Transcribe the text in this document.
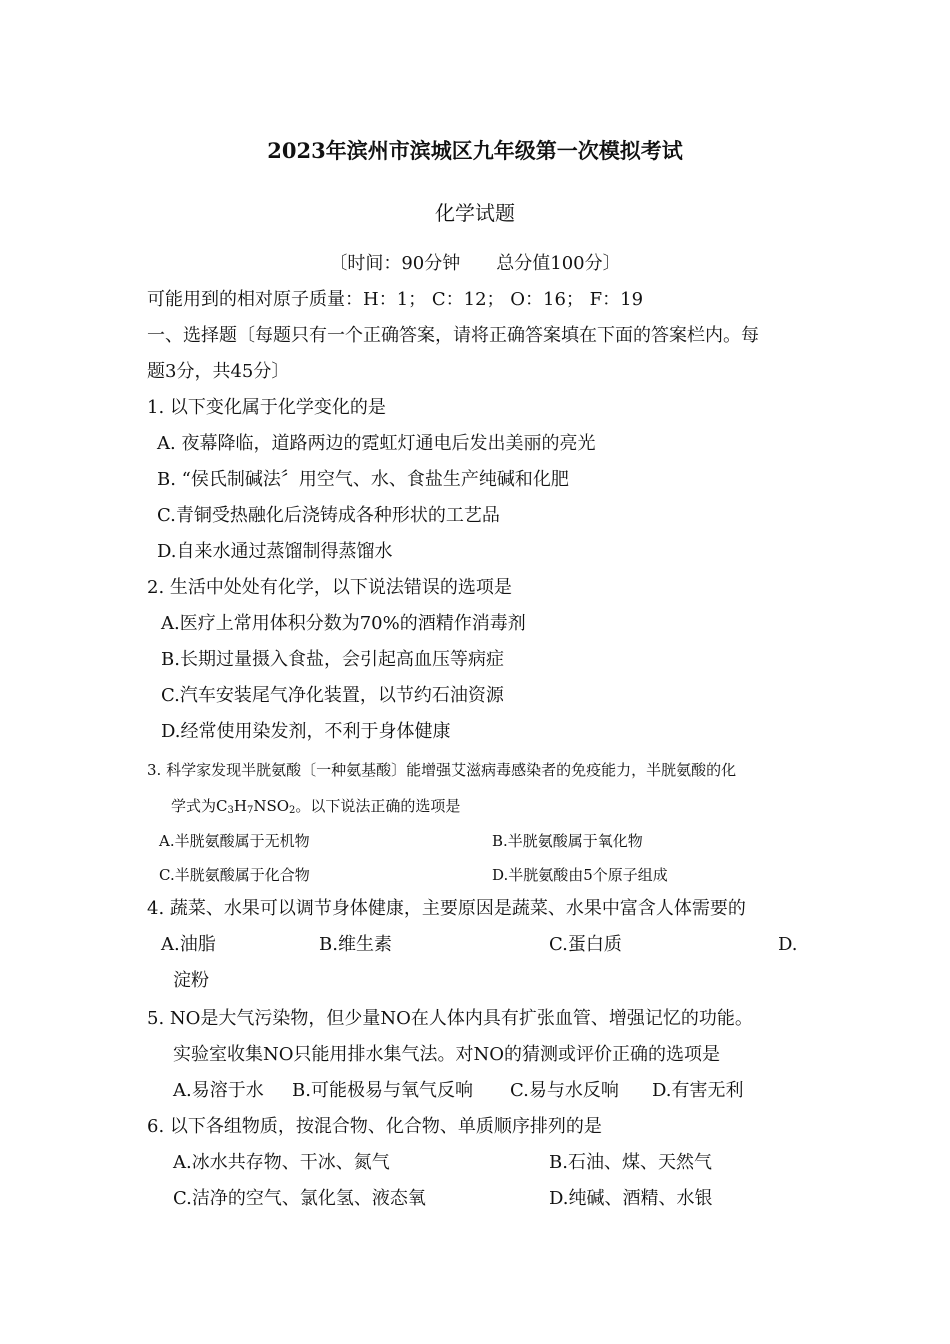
2023年滨州市滨城区九年级第一次模拟考试
化学试题
〔时间：90分钟　　总分值100分〕
可能用到的相对原子质量：H：1； C：12； O：16； F：19
一、选择题〔每题只有一个正确答案，请将正确答案填在下面的答案栏内。每
题3分，共45分〕
1. 以下变化属于化学变化的是
A. 夜幕降临，道路两边的霓虹灯通电后发出美丽的亮光
B. “侯氏制碱法〞用空气、水、食盐生产纯碱和化肥
C.青铜受热融化后浇铸成各种形状的工艺品
D.自来水通过蒸馏制得蒸馏水
2. 生活中处处有化学，以下说法错误的选项是
A.医疗上常用体积分数为70%的酒精作消毒剂
B.长期过量摄入食盐，会引起高血压等病症
C.汽车安装尾气净化装置，以节约石油资源
D.经常使用染发剂，不利于身体健康
3. 科学家发现半胱氨酸〔一种氨基酸〕能增强艾滋病毒感染者的免疫能力，半胱氨酸的化
学式为$C_3H_7NSO_2$。以下说法正确的选项是
A.半胱氨酸属于无机物	B.半胱氨酸属于氧化物
C.半胱氨酸属于化合物	D.半胱氨酸由5个原子组成
4. 蔬菜、水果可以调节身体健康，主要原因是蔬菜、水果中富含人体需要的
A.油脂	B.维生素	C.蛋白质	D.
淀粉
5. NO是大气污染物，但少量NO在人体内具有扩张血管、增强记忆的功能。
实验室收集NO只能用排水集气法。对NO的猜测或评价正确的选项是
A.易溶于水 B.可能极易与氧气反响 C.易与水反响 D.有害无利
6. 以下各组物质，按混合物、化合物、单质顺序排列的是
A.冰水共存物、干冰、氮气	B.石油、煤、天然气
C.洁净的空气、氯化氢、液态氧	D.纯碱、酒精、水银
